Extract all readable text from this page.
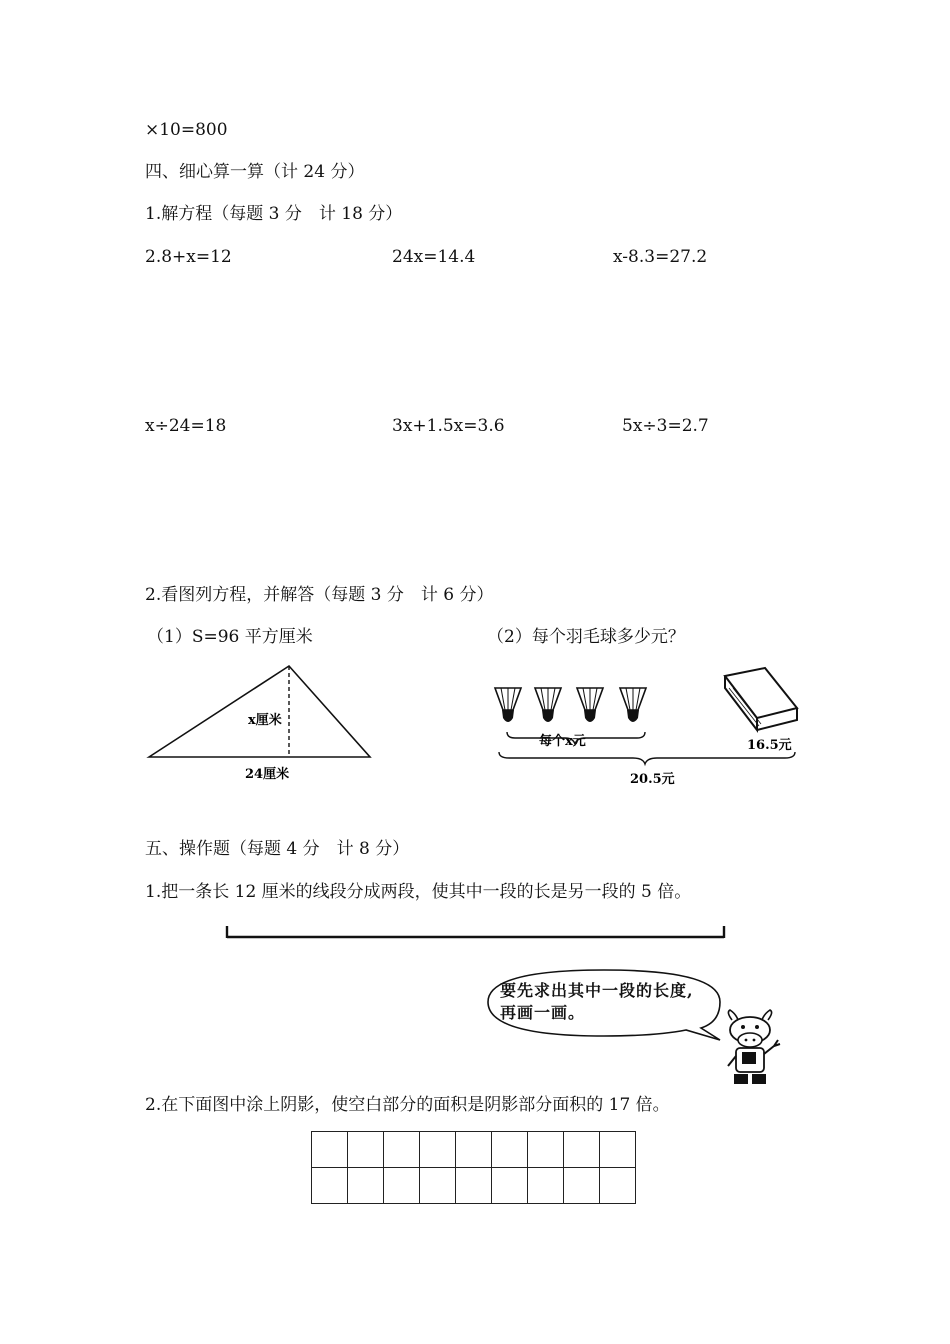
×10=800
四、细心算一算（计 24 分）
1.解方程（每题 3 分　计 18 分）
2.8+x=12	24x=14.4	x-8.3=27.2
x÷24=18	3x+1.5x=3.6	5x÷3=2.7
2.看图列方程，并解答（每题 3 分　计 6 分）
（1）S=96 平方厘米	（2）每个羽毛球多少元？
x厘米
24厘米
每个x元	16.5元
20.5元
五、操作题（每题 4 分　计 8 分）
1.把一条长 12 厘米的线段分成两段，使其中一段的长是另一段的 5 倍。
要先求出其中一段的长度,
再画一画。
2.在下面图中涂上阴影，使空白部分的面积是阴影部分面积的 17 倍。
